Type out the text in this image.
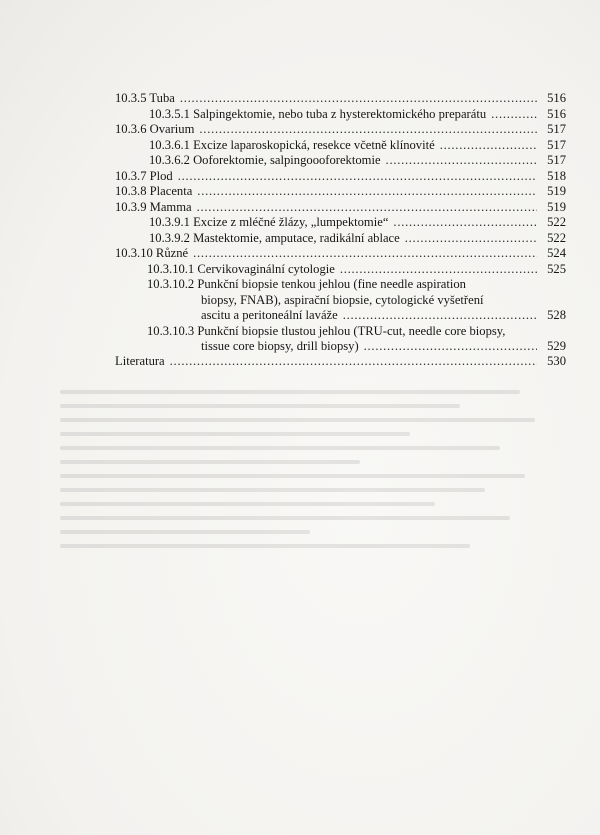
10.3.5 Tuba . . .	516
10.3.5.1 Salpingektomie, nebo tuba z hysterektomického preparátu . . .	516
10.3.6 Ovarium . . .	517
10.3.6.1 Excize laparoskopická, resekce včetně klínovité . . .	517
10.3.6.2 Ooforektomie, salpingoooforektomie . . .	517
10.3.7 Plod . . .	518
10.3.8 Placenta . . .	519
10.3.9 Mamma . . .	519
10.3.9.1 Excize z mléčné žlázy, „lumpektomie“ . . .	522
10.3.9.2 Mastektomie, amputace, radikální ablace . . .	522
10.3.10 Různé . . .	524
10.3.10.1 Cervikovaginální cytologie . . .	525
10.3.10.2 Punkční biopsie tenkou jehlou (fine needle aspiration
biopsy, FNAB), aspirační biopsie, cytologické vyšetření
ascitu a peritoneální laváže . . .	528
10.3.10.3 Punkční biopsie tlustou jehlou (TRU-cut, needle core biopsy,
tissue core biopsy, drill biopsy) . . .	529
Literatura . . .	530
